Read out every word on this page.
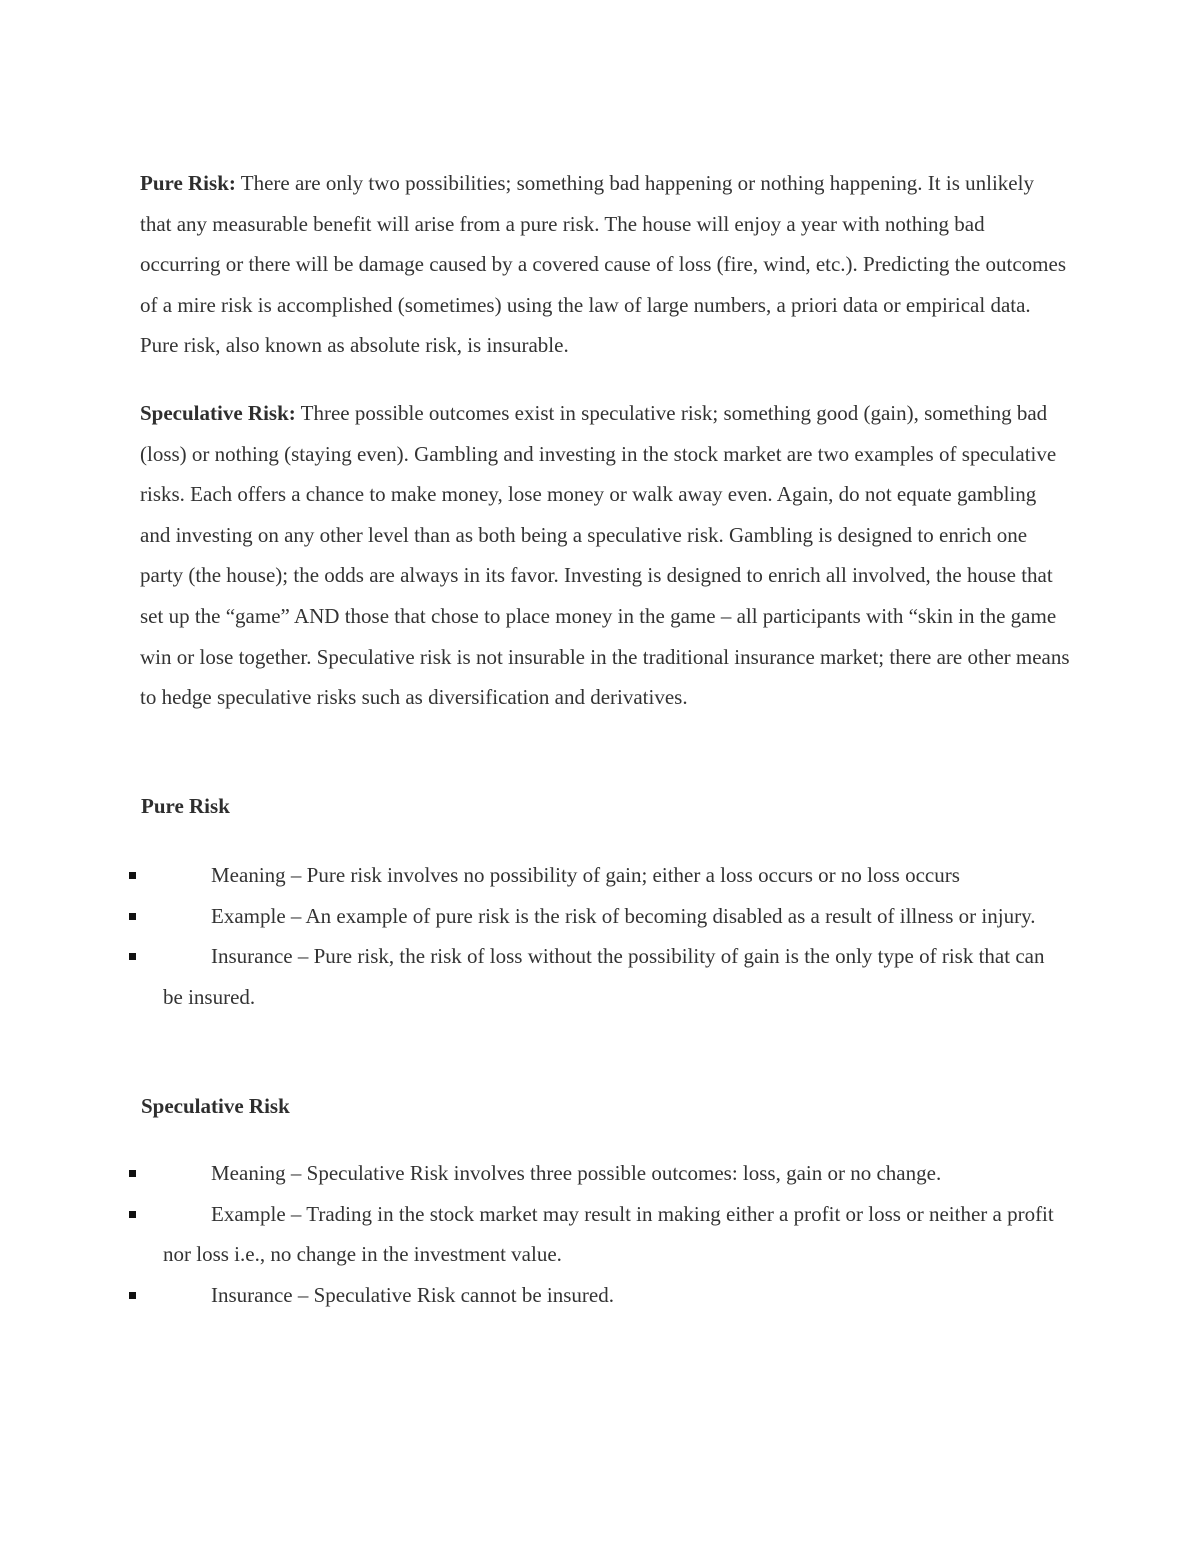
Pure Risk: There are only two possibilities; something bad happening or nothing happening. It is unlikely that any measurable benefit will arise from a pure risk. The house will enjoy a year with nothing bad occurring or there will be damage caused by a covered cause of loss (fire, wind, etc.). Predicting the outcomes of a mire risk is accomplished (sometimes) using the law of large numbers, a priori data or empirical data. Pure risk, also known as absolute risk, is insurable.

Speculative Risk: Three possible outcomes exist in speculative risk; something good (gain), something bad (loss) or nothing (staying even). Gambling and investing in the stock market are two examples of speculative risks. Each offers a chance to make money, lose money or walk away even. Again, do not equate gambling and investing on any other level than as both being a speculative risk. Gambling is designed to enrich one party (the house); the odds are always in its favor. Investing is designed to enrich all involved, the house that set up the “game” AND those that chose to place money in the game – all participants with “skin in the game win or lose together. Speculative risk is not insurable in the traditional insurance market; there are other means to hedge speculative risks such as diversification and derivatives.

Pure Risk
Meaning – Pure risk involves no possibility of gain; either a loss occurs or no loss occurs
Example – An example of pure risk is the risk of becoming disabled as a result of illness or injury.
Insurance – Pure risk, the risk of loss without the possibility of gain is the only type of risk that can be insured.
Speculative Risk
Meaning – Speculative Risk involves three possible outcomes: loss, gain or no change.
Example – Trading in the stock market may result in making either a profit or loss or neither a profit nor loss i.e., no change in the investment value.
Insurance – Speculative Risk cannot be insured.
